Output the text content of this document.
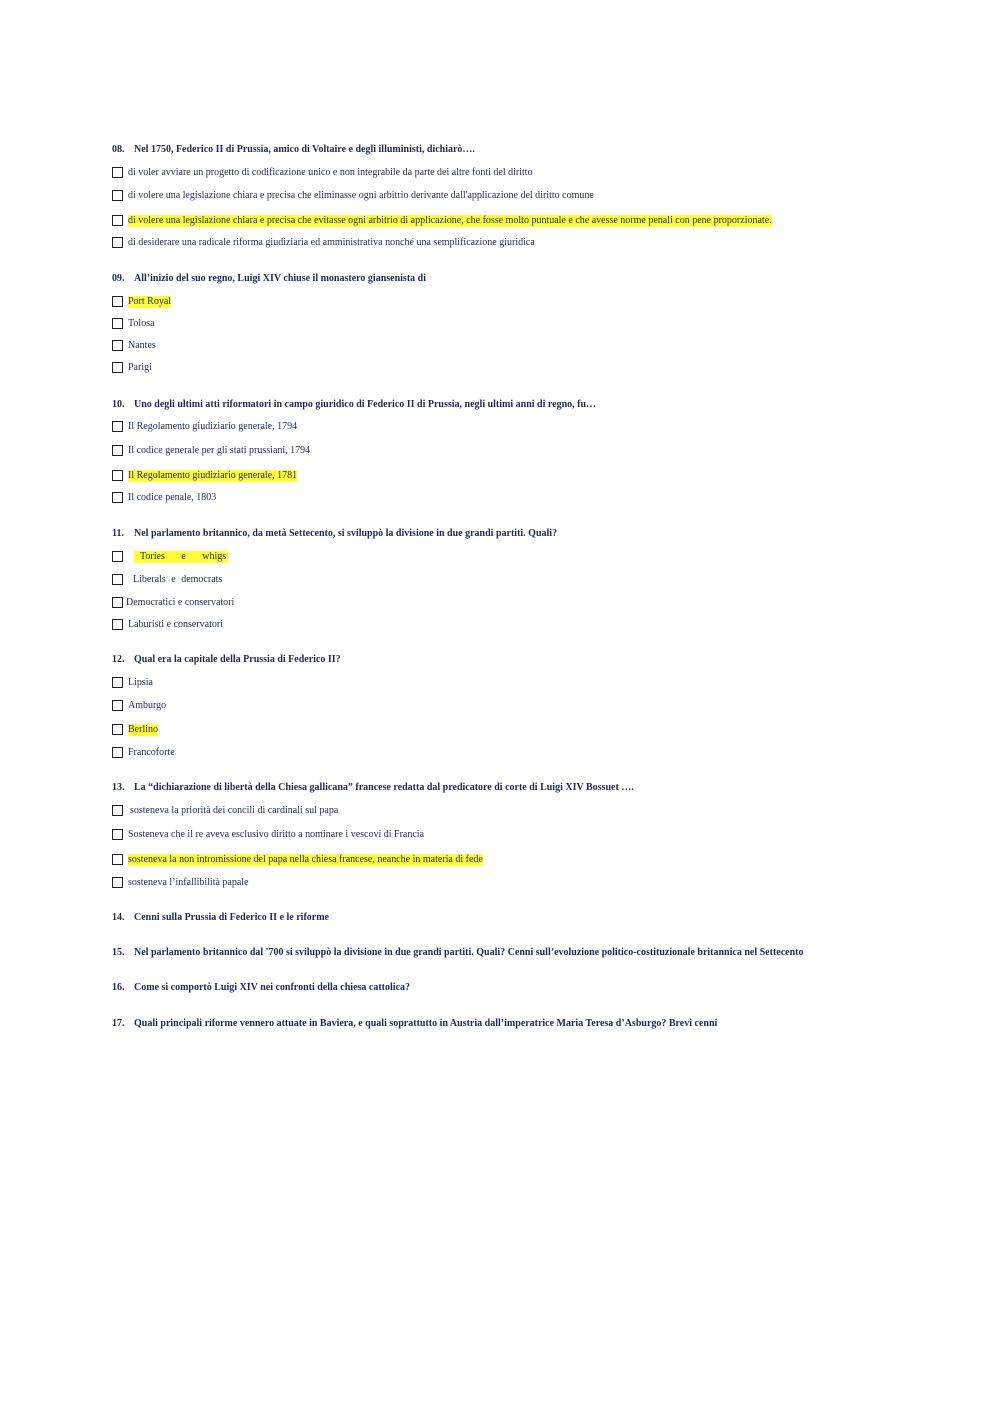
08. Nel 1750, Federico II di Prussia, amico di Voltaire e degli illuministi, dichiarò….
di voler avviare un progetto di codificazione unico e non integrabile da parte dei altre fonti del diritto
di volere una legislazione chiara e precisa che eliminasse ogni arbitrio derivante dall'applicazione del diritto comune
di volere una legislazione chiara e precisa che evitasse ogni arbitrio di applicazione, che fosse molto puntuale e che avesse norme penali con pene proporzionate.
di desiderare una radicale riforma giudiziaria ed amministrativa nonché una semplificazione giuridica
09. All’inizio del suo regno, Luigi XIV chiuse il monastero giansenista di
Port Royal
Tolosa
Nantes
Parigi
10. Uno degli ultimi atti riformatori in campo giuridico di Federico II di Prussia, negli ultimi anni di regno, fu…
Il Regolamento giudiziario generale, 1794
Il codice generale per gli stati prussiani, 1794
Il Regolamento giudiziario generale, 1781
Il codice penale, 1803
11. Nel parlamento britannico, da metà Settecento, si sviluppò la divisione in due grandi partiti. Quali?
Tories e whigs
Liberals e democrats
Democratici e conservatori
Laburisti e conservatori
12. Qual era la capitale della Prussia di Federico II?
Lipsia
Amburgo
Berlino
Francoforte
13. La “dichiarazione di libertà della Chiesa gallicana” francese redatta dal predicatore di corte di Luigi XIV Bossuet ….
sosteneva la priorità dei concili di cardinali sul papa
Sosteneva che il re aveva esclusivo diritto a nominare i vescovi di Francia
sosteneva la non intromissione del papa nella chiesa francese, neanche in materia di fede
sosteneva l’infallibilità papale
14. Cenni sulla Prussia di Federico II e le riforme
15. Nel parlamento britannico dal '700 si sviluppò la divisione in due grandi partiti. Quali? Cenni sull’evoluzione politico-costituzionale britannica nel Settecento
16. Come si comportò Luigi XIV nei confronti della chiesa cattolica?
17. Quali principali riforme vennero attuate in Baviera, e quali soprattutto in Austria dall’imperatrice Maria Teresa d’Asburgo? Brevi cenni
